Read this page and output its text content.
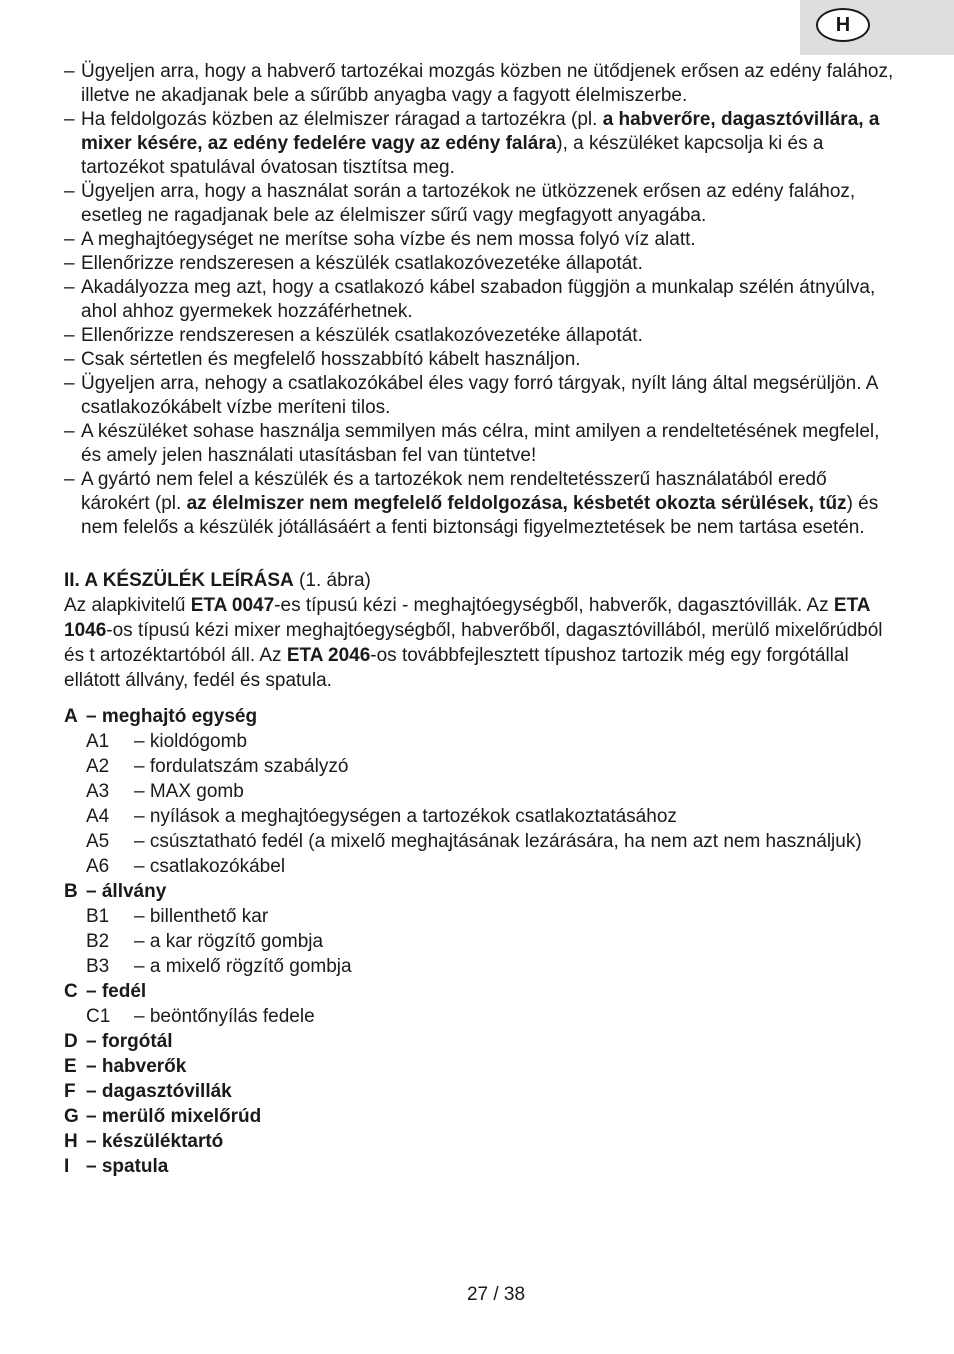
H
– Ügyeljen arra, hogy a habverő tartozékai mozgás közben ne ütődjenek erősen az edény falához, illetve ne akadjanak bele a sűrűbb anyagba vagy a fagyott élelmiszerbe.
– Ha feldolgozás közben az élelmiszer ráragad a tartozékra (pl. a habverőre, dagasztóvillára, a mixer késére, az edény fedelére vagy az edény falára), a készüléket kapcsolja ki és a tartozékot spatulával óvatosan tisztítsa meg.
– Ügyeljen arra, hogy a használat során a tartozékok ne ütközzenek erősen az edény falához, esetleg ne ragadjanak bele az élelmiszer sűrű vagy megfagyott anyagába.
– A meghajtóegységet ne merítse soha vízbe és nem mossa folyó víz alatt.
– Ellenőrizze rendszeresen a készülék csatlakozóvezetéke állapotát.
– Akadályozza meg azt, hogy a csatlakozó kábel szabadon függjön a munkalap szélén átnyúlva, ahol ahhoz gyermekek hozzáférhetnek.
– Ellenőrizze rendszeresen a készülék csatlakozóvezetéke állapotát.
– Csak sértetlen és megfelelő hosszabbító kábelt használjon.
– Ügyeljen arra, nehogy a csatlakozókábel éles vagy forró tárgyak, nyílt láng által megsérüljön. A csatlakozókábelt vízbe meríteni tilos.
– A készüléket sohase használja semmilyen más célra, mint amilyen a rendeltetésének megfelel, és amely jelen használati utasításban fel van tüntetve!
– A gyártó nem felel a készülék és a tartozékok nem rendeltetésszerű használatából eredő károkért (pl. az élelmiszer nem megfelelő feldolgozása, késbetét okozta sérülések, tűz) és nem felelős a készülék jótállásáért a fenti biztonsági figyelmeztetések be nem tartása esetén.
II. A KÉSZÜLÉK LEÍRÁSA (1. ábra)

Az alapkivitelű ETA 0047-es típusú kézi - meghajtóegységből, habverők, dagasztóvillák. Az ETA 1046-os típusú kézi mixer meghajtóegységből, habverőből, dagasztóvillából, merülő mixelőrúdból és t artozéktartóból áll. Az ETA 2046-os továbbfejlesztett típushoz tartozik még egy forgótállal ellátott állvány, fedél és spatula.

A – meghajtó egység
A1	– kioldógomb
A2	– fordulatszám szabályzó
A3	– MAX gomb
A4	– nyílások a meghajtóegységen a tartozékok csatlakoztatásához
A5	– csúsztatható fedél (a mixelő meghajtásának lezárására, ha nem azt nem használjuk)
A6	– csatlakozókábel
B – állvány
B1	– billenthető kar
B2	– a kar rögzítő gombja
B3	– a mixelő rögzítő gombja
C – fedél
C1	– beöntőnyílás fedele
D – forgótál
E – habverők
F – dagasztóvillák
G – merülő mixelőrúd
H – készüléktartó
I – spatula
27 / 38
